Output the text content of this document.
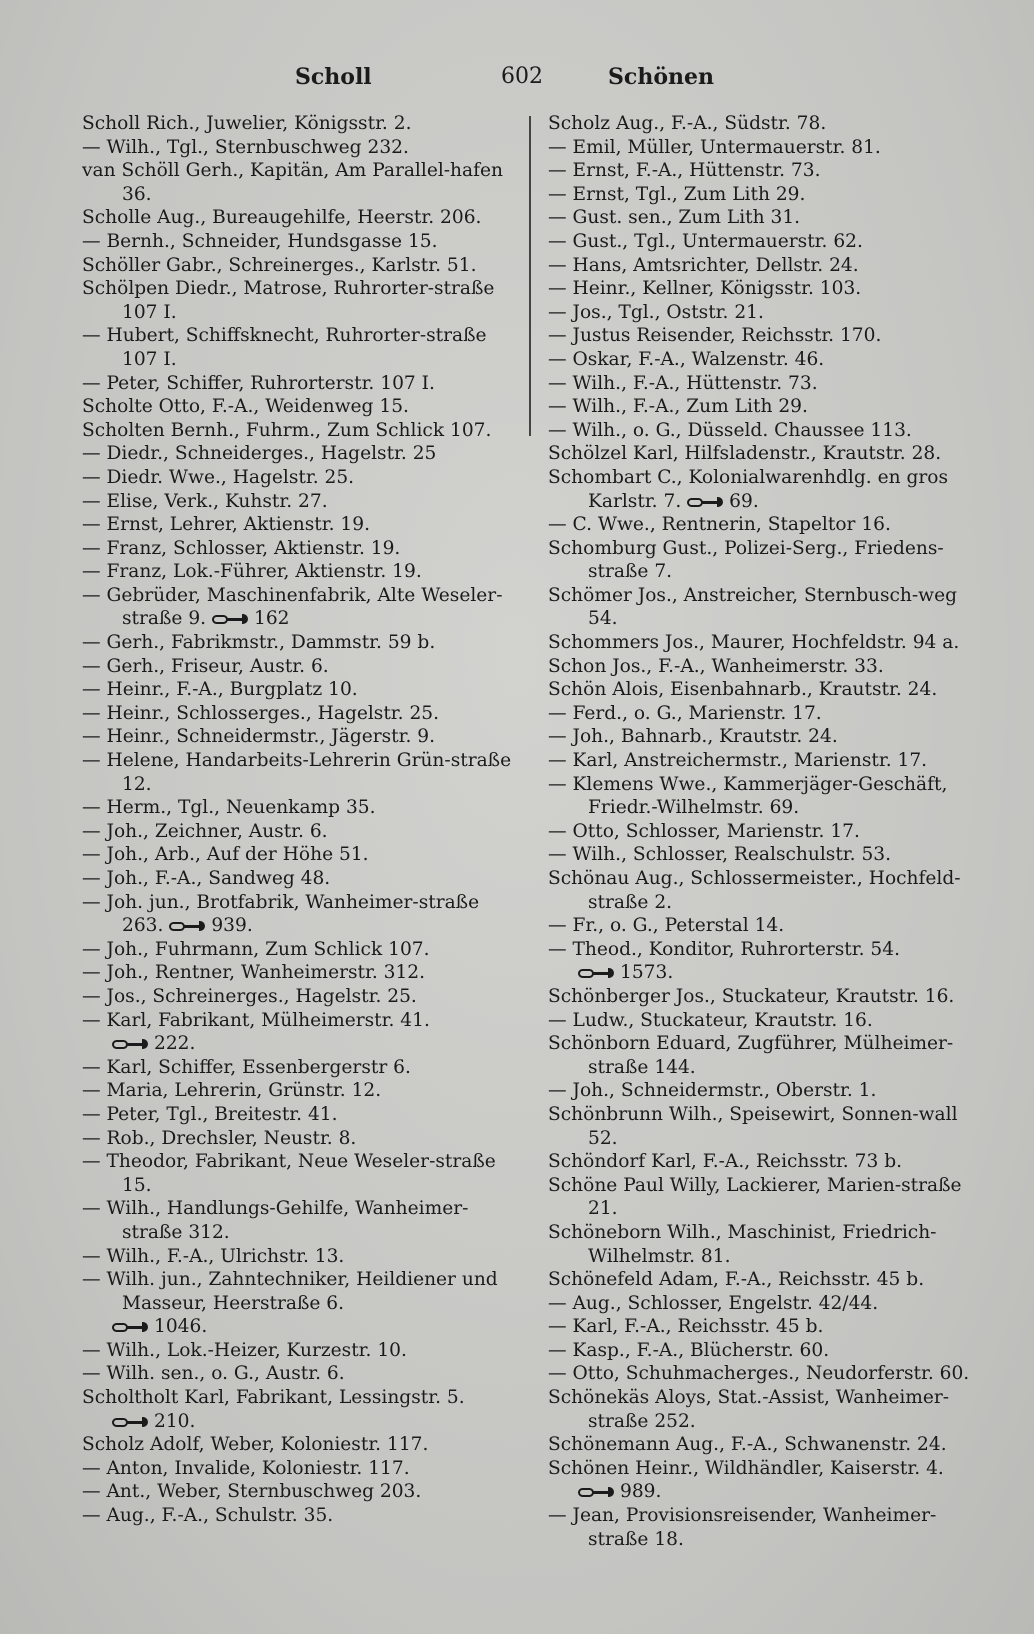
Scholl	602	Schönen
Scholl Rich., Juwelier, Königsstr. 2.
— Wilh., Tgl., Sternbuschweg 232.
van Schöll Gerh., Kapitän, Am Parallel-hafen 36.
Scholle Aug., Bureaugehilfe, Heerstr. 206.
— Bernh., Schneider, Hundsgasse 15.
Schöller Gabr., Schreinerges., Karlstr. 51.
Schölpen Diedr., Matrose, Ruhrorter-straße 107 I.
— Hubert, Schiffsknecht, Ruhrorter-straße 107 I.
— Peter, Schiffer, Ruhrorterstr. 107 I.
Scholte Otto, F.-A., Weidenweg 15.
Scholten Bernh., Fuhrm., Zum Schlick 107.
— Diedr., Schneiderges., Hagelstr. 25
— Diedr. Wwe., Hagelstr. 25.
— Elise, Verk., Kuhstr. 27.
— Ernst, Lehrer, Aktienstr. 19.
— Franz, Schlosser, Aktienstr. 19.
— Franz, Lok.-Führer, Aktienstr. 19.
— Gebrüder, Maschinenfabrik, Alte Weseler-straße 9.	162
— Gerh., Fabrikmstr., Dammstr. 59 b.
— Gerh., Friseur, Austr. 6.
— Heinr., F.-A., Burgplatz 10.
— Heinr., Schlosserges., Hagelstr. 25.
— Heinr., Schneidermstr., Jägerstr. 9.
— Helene, Handarbeits-Lehrerin Grün-straße 12.
— Herm., Tgl., Neuenkamp 35.
— Joh., Zeichner, Austr. 6.
— Joh., Arb., Auf der Höhe 51.
— Joh., F.-A., Sandweg 48.
— Joh. jun., Brotfabrik, Wanheimer-straße 263.	939.
— Joh., Fuhrmann, Zum Schlick 107.
— Joh., Rentner, Wanheimerstr. 312.
— Jos., Schreinerges., Hagelstr. 25.
— Karl, Fabrikant, Mülheimerstr. 41.
222.
— Karl, Schiffer, Essenbergerstr 6.
— Maria, Lehrerin, Grünstr. 12.
— Peter, Tgl., Breitestr. 41.
— Rob., Drechsler, Neustr. 8.
— Theodor, Fabrikant, Neue Weseler-straße 15.
— Wilh., Handlungs-Gehilfe, Wanheimer-straße 312.
— Wilh., F.-A., Ulrichstr. 13.
— Wilh. jun., Zahntechniker, Heildiener und Masseur, Heerstraße 6.
1046.
— Wilh., Lok.-Heizer, Kurzestr. 10.
— Wilh. sen., o. G., Austr. 6.
Scholtholt Karl, Fabrikant, Lessingstr. 5.
210.
Scholz Adolf, Weber, Koloniestr. 117.
— Anton, Invalide, Koloniestr. 117.
— Ant., Weber, Sternbuschweg 203.
— Aug., F.-A., Schulstr. 35.
Scholz Aug., F.-A., Südstr. 78.
— Emil, Müller, Untermauerstr. 81.
— Ernst, F.-A., Hüttenstr. 73.
— Ernst, Tgl., Zum Lith 29.
— Gust. sen., Zum Lith 31.
— Gust., Tgl., Untermauerstr. 62.
— Hans, Amtsrichter, Dellstr. 24.
— Heinr., Kellner, Königsstr. 103.
— Jos., Tgl., Oststr. 21.
— Justus Reisender, Reichsstr. 170.
— Oskar, F.-A., Walzenstr. 46.
— Wilh., F.-A., Hüttenstr. 73.
— Wilh., F.-A., Zum Lith 29.
— Wilh., o. G., Düsseld. Chaussee 113.
Schölzel Karl, Hilfsladenstr., Krautstr. 28.
Schombart C., Kolonialwarenhdlg. en gros Karlstr. 7.	69.
— C. Wwe., Rentnerin, Stapeltor 16.
Schomburg Gust., Polizei-Serg., Friedens-straße 7.
Schömer Jos., Anstreicher, Sternbusch-weg 54.
Schommers Jos., Maurer, Hochfeldstr. 94 a.
Schon Jos., F.-A., Wanheimerstr. 33.
Schön Alois, Eisenbahnarb., Krautstr. 24.
— Ferd., o. G., Marienstr. 17.
— Joh., Bahnarb., Krautstr. 24.
— Karl, Anstreichermstr., Marienstr. 17.
— Klemens Wwe., Kammerjäger-Geschäft, Friedr.-Wilhelmstr. 69.
— Otto, Schlosser, Marienstr. 17.
— Wilh., Schlosser, Realschulstr. 53.
Schönau Aug., Schlossermeister., Hochfeld-straße 2.
— Fr., o. G., Peterstal 14.
— Theod., Konditor, Ruhrorterstr. 54.
1573.
Schönberger Jos., Stuckateur, Krautstr. 16.
— Ludw., Stuckateur, Krautstr. 16.
Schönborn Eduard, Zugführer, Mülheimer-straße 144.
— Joh., Schneidermstr., Oberstr. 1.
Schönbrunn Wilh., Speisewirt, Sonnen-wall 52.
Schöndorf Karl, F.-A., Reichsstr. 73 b.
Schöne Paul Willy, Lackierer, Marien-straße 21.
Schöneborn Wilh., Maschinist, Friedrich-Wilhelmstr. 81.
Schönefeld Adam, F.-A., Reichsstr. 45 b.
— Aug., Schlosser, Engelstr. 42/44.
— Karl, F.-A., Reichsstr. 45 b.
— Kasp., F.-A., Blücherstr. 60.
— Otto, Schuhmacherges., Neudorferstr. 60.
Schönekäs Aloys, Stat.-Assist, Wanheimer-straße 252.
Schönemann Aug., F.-A., Schwanenstr. 24.
Schönen Heinr., Wildhändler, Kaiserstr. 4.
989.
— Jean, Provisionsreisender, Wanheimer-straße 18.
